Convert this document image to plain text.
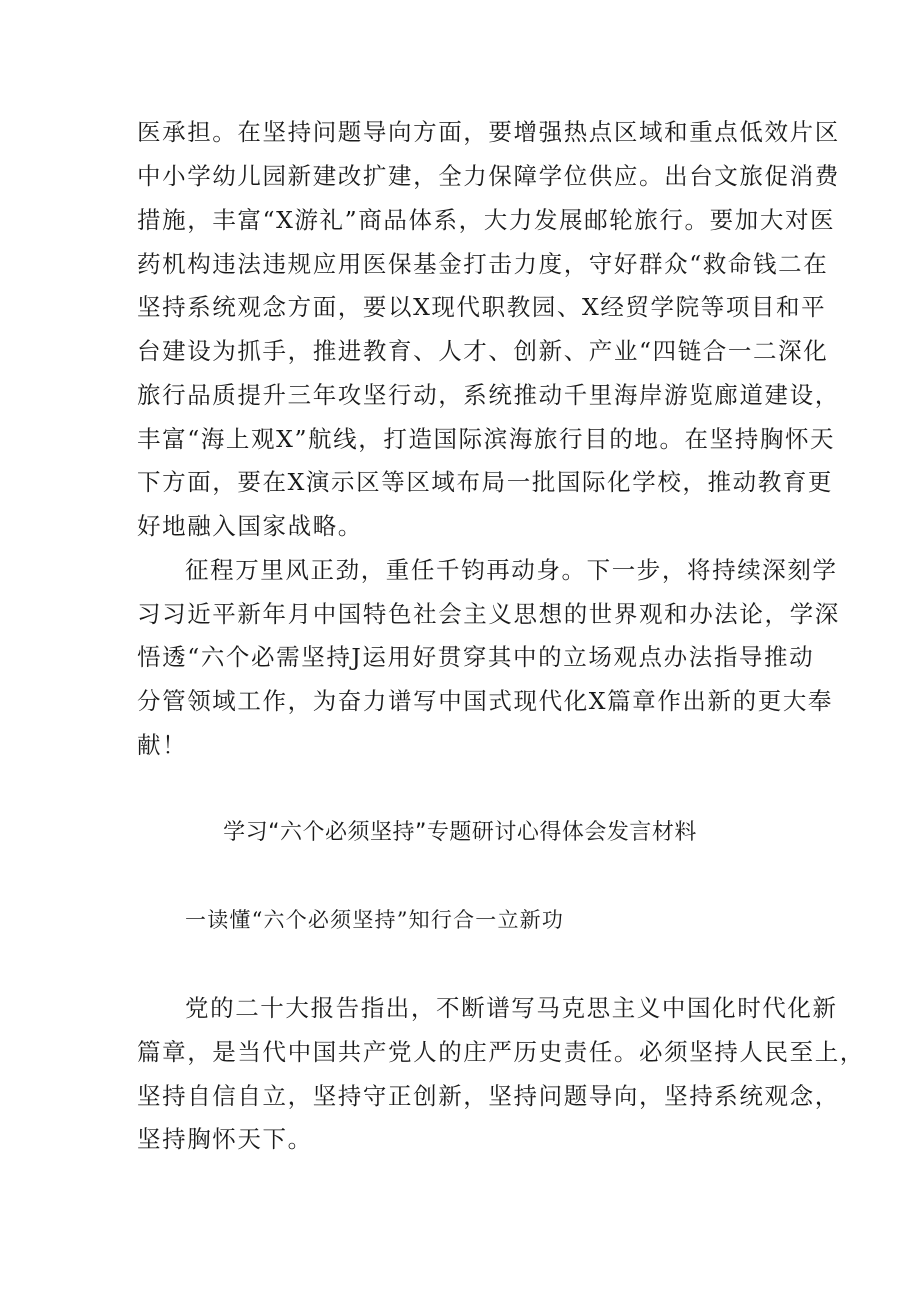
医承担。在坚持问题导向方面，要增强热点区域和重点低效片区
中小学幼儿园新建改扩建，全力保障学位供应。出台文旅促消费
措施，丰富“X游礼”商品体系，大力发展邮轮旅行。要加大对医
药机构违法违规应用医保基金打击力度，守好群众“救命钱二在
坚持系统观念方面，要以X现代职教园、X经贸学院等项目和平
台建设为抓手，推进教育、人才、创新、产业“四链合一二深化
旅行品质提升三年攻坚行动，系统推动千里海岸游览廊道建设，
丰富“海上观X”航线，打造国际滨海旅行目的地。在坚持胸怀天
下方面，要在X演示区等区域布局一批国际化学校，推动教育更
好地融入国家战略。
征程万里风正劲，重任千钧再动身。下一步，将持续深刻学
习习近平新年月中国特色社会主义思想的世界观和办法论，学深
悟透“六个必需坚持J运用好贯穿其中的立场观点办法指导推动
分管领域工作，为奋力谱写中国式现代化X篇章作出新的更大奉
献！
学习“六个必须坚持”专题研讨心得体会发言材料
一读懂“六个必须坚持”知行合一立新功
党的二十大报告指出，不断谱写马克思主义中国化时代化新
篇章，是当代中国共产党人的庄严历史责任。必须坚持人民至上，
坚持自信自立，坚持守正创新，坚持问题导向，坚持系统观念，
坚持胸怀天下。
